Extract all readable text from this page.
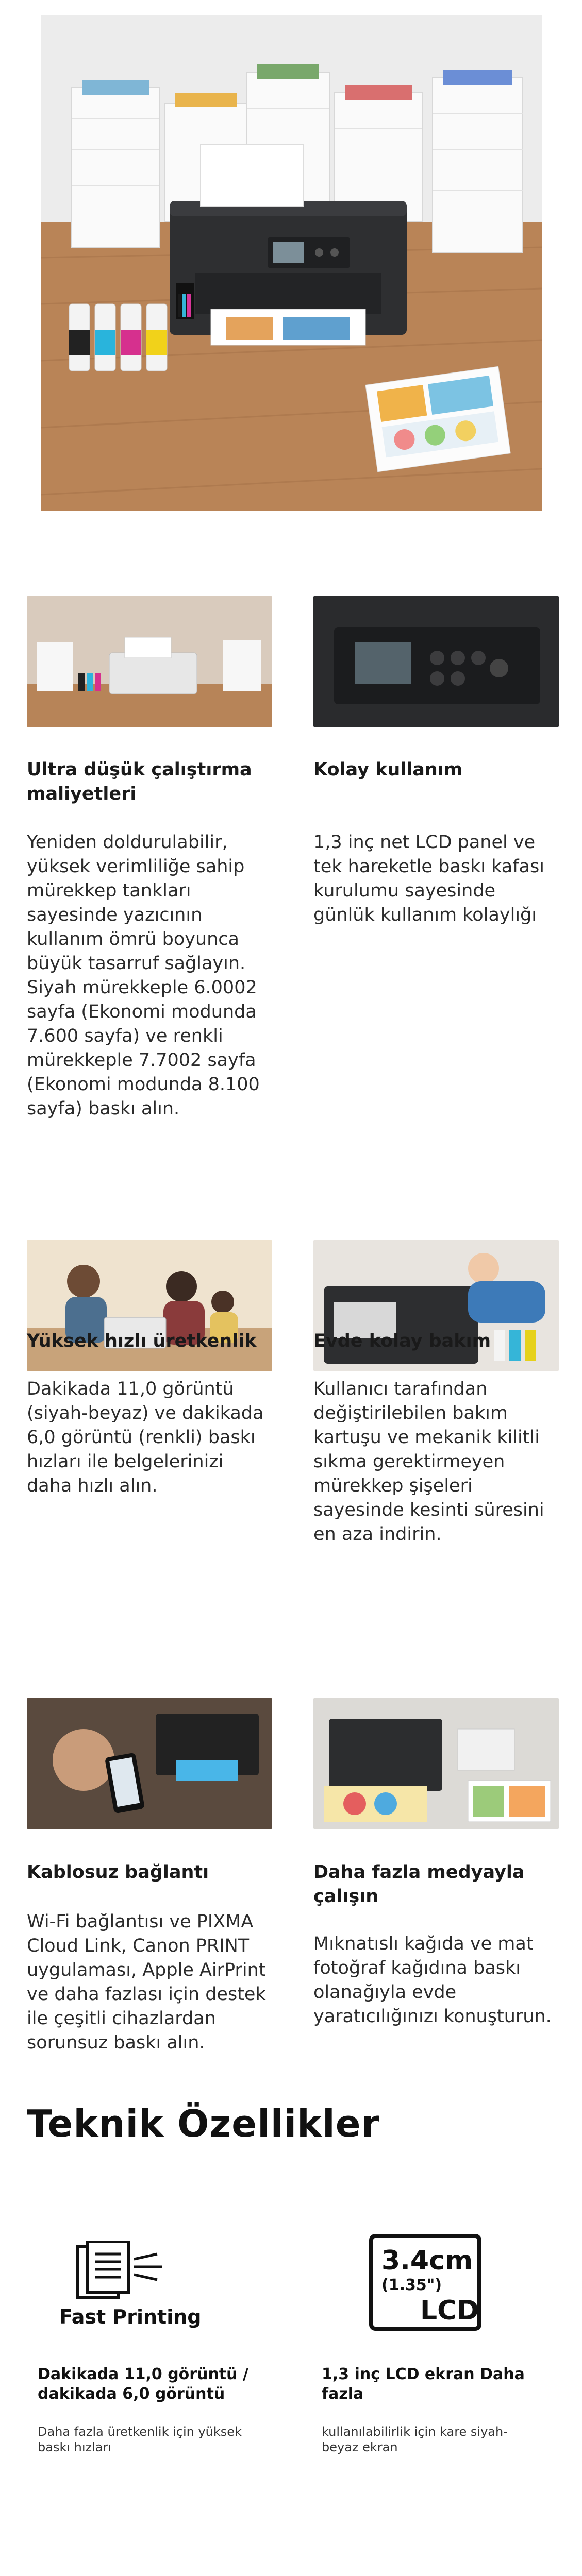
Ultra düşük çalıştırma maliyetleri
Yeniden doldurulabilir, yüksek verimliliğe sahip mürekkep tankları sayesinde yazıcının kullanım ömrü boyunca büyük tasarruf sağlayın. Siyah mürekkeple 6.0002 sayfa (Ekonomi modunda 7.600 sayfa) ve renkli mürekkeple 7.7002 sayfa (Ekonomi modunda 8.100 sayfa) baskı alın.
Kolay kullanım
1,3 inç net LCD panel ve tek hareketle baskı kafası kurulumu sayesinde günlük kullanım kolaylığı
Yüksek hızlı üretkenlik
Dakikada 11,0 görüntü (siyah-beyaz) ve dakikada 6,0 görüntü (renkli) baskı hızları ile belgelerinizi daha hızlı alın.
Evde kolay bakım
Kullanıcı tarafından değiştirilebilen bakım kartuşu ve mekanik kilitli sıkma gerektirmeyen mürekkep şişeleri sayesinde kesinti süresini en aza indirin.
Kablosuz bağlantı
Wi-Fi bağlantısı ve PIXMA Cloud Link, Canon PRINT uygulaması, Apple AirPrint ve daha fazlası için destek ile çeşitli cihazlardan sorunsuz baskı alın.
Daha fazla medyayla çalışın
Mıknatıslı kağıda ve mat fotoğraf kağıdına baskı olanağıyla evde yaratıcılığınızı konuşturun.
Teknik Özellikler
Fast Printing
Dakikada 11,0 görüntü / dakikada 6,0 görüntü
Daha fazla üretkenlik için yüksek baskı hızları
3.4cm
(1.35")
LCD
1,3 inç LCD ekran Daha fazla
kullanılabilirlik için kare siyah-beyaz ekran
